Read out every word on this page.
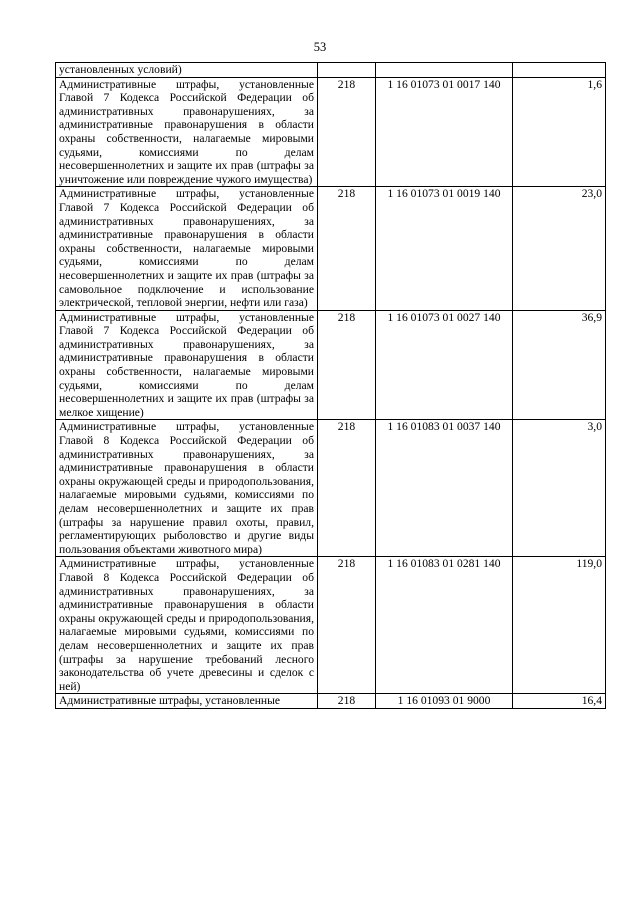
53
установленных условий)			
Административные штрафы, установленные Главой 7 Кодекса Российской Федерации об административных правонарушениях, за административные правонарушения в области охраны собственности, налагаемые мировыми судьями, комиссиями по делам несовершеннолетних и защите их прав (штрафы за уничтожение или повреждение чужого имущества)	218	1 16 01073 01 0017 140	1,6
Административные штрафы, установленные Главой 7 Кодекса Российской Федерации об административных правонарушениях, за административные правонарушения в области охраны собственности, налагаемые мировыми судьями, комиссиями по делам несовершеннолетних и защите их прав (штрафы за самовольное подключение и использование электрической, тепловой энергии, нефти или газа)	218	1 16 01073 01 0019 140	23,0
Административные штрафы, установленные Главой 7 Кодекса Российской Федерации об административных правонарушениях, за административные правонарушения в области охраны собственности, налагаемые мировыми судьями, комиссиями по делам несовершеннолетних и защите их прав (штрафы за мелкое хищение)	218	1 16 01073 01 0027 140	36,9
Административные штрафы, установленные Главой 8 Кодекса Российской Федерации об административных правонарушениях, за административные правонарушения в области охраны окружающей среды и природопользования, налагаемые мировыми судьями, комиссиями по делам несовершеннолетних и защите их прав (штрафы за нарушение правил охоты, правил, регламентирующих рыболовство и другие виды пользования объектами животного мира)	218	1 16 01083 01 0037 140	3,0
Административные штрафы, установленные Главой 8 Кодекса Российской Федерации об административных правонарушениях, за административные правонарушения в области охраны окружающей среды и природопользования, налагаемые мировыми судьями, комиссиями по делам несовершеннолетних и защите их прав (штрафы за нарушение требований лесного законодательства об учете древесины и сделок с ней)	218	1 16 01083 01 0281 140	119,0
Административные штрафы, установленные	218	1 16 01093 01 9000	16,4
